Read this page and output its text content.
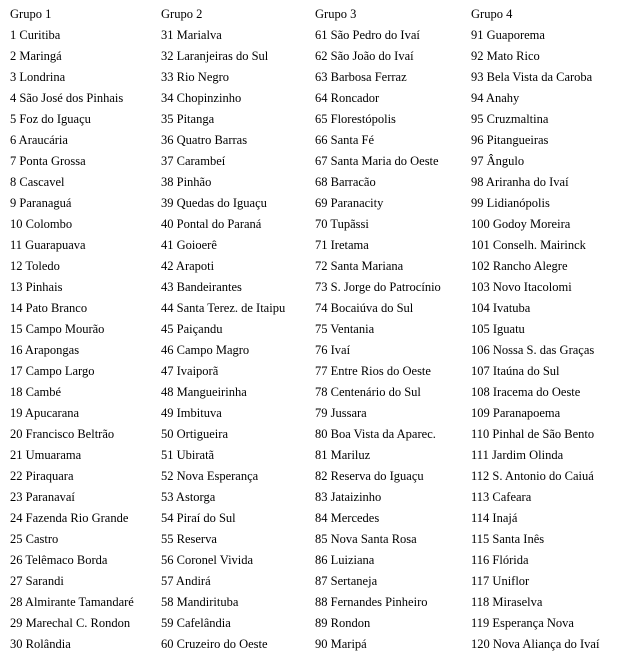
Grupo 1
1 Curitiba
2 Maringá
3 Londrina
4 São José dos Pinhais
5 Foz do Iguaçu
6 Araucária
7 Ponta Grossa
8 Cascavel
9 Paranaguá
10 Colombo
11 Guarapuava
12 Toledo
13 Pinhais
14 Pato Branco
15 Campo Mourão
16 Arapongas
17 Campo Largo
18 Cambé
19 Apucarana
20 Francisco Beltrão
21 Umuarama
22 Piraquara
23 Paranavaí
24 Fazenda Rio Grande
25 Castro
26 Telêmaco Borda
27 Sarandi
28 Almirante Tamandaré
29 Marechal C. Rondon
30 Rolândia
Grupo 2
31 Marialva
32 Laranjeiras do Sul
33 Rio Negro
34 Chopinzinho
35 Pitanga
36 Quatro Barras
37 Carambeí
38 Pinhão
39 Quedas do Iguaçu
40 Pontal do Paraná
41 Goioerê
42 Arapoti
43 Bandeirantes
44 Santa Terez. de Itaipu
45 Paiçandu
46 Campo Magro
47 Ivaiporã
48 Mangueirinha
49 Imbituva
50 Ortigueira
51 Ubiratã
52 Nova Esperança
53 Astorga
54 Piraí do Sul
55 Reserva
56 Coronel Vivida
57 Andirá
58 Mandirituba
59 Cafelândia
60 Cruzeiro do Oeste
Grupo 3
61 São Pedro do Ivaí
62 São João do Ivaí
63 Barbosa Ferraz
64 Roncador
65 Florestópolis
66 Santa Fé
67 Santa Maria do Oeste
68 Barracão
69 Paranacity
70 Tupãssi
71 Iretama
72 Santa Mariana
73 S. Jorge do Patrocínio
74 Bocaiúva do Sul
75 Ventania
76 Ivaí
77 Entre Rios do Oeste
78 Centenário do Sul
79 Jussara
80 Boa Vista da Aparec.
81 Mariluz
82 Reserva do Iguaçu
83 Jataizinho
84 Mercedes
85 Nova Santa Rosa
86 Luiziana
87 Sertaneja
88 Fernandes Pinheiro
89 Rondon
90 Maripá
Grupo 4
91 Guaporema
92 Mato Rico
93 Bela Vista da Caroba
94 Anahy
95 Cruzmaltina
96 Pitangueiras
97 Ângulo
98 Ariranha do Ivaí
99 Lidianópolis
100 Godoy Moreira
101 Conselh. Mairinck
102 Rancho Alegre
103 Novo Itacolomi
104 Ivatuba
105 Iguatu
106 Nossa S. das Graças
107 Itaúna do Sul
108 Iracema do Oeste
109 Paranapoema
110 Pinhal de São Bento
111 Jardim Olinda
112 S. Antonio do Caiuá
113 Cafeara
114 Inajá
115 Santa Inês
116 Flórida
117 Uniflor
118 Miraselva
119 Esperança Nova
120 Nova Aliança do Ivaí
